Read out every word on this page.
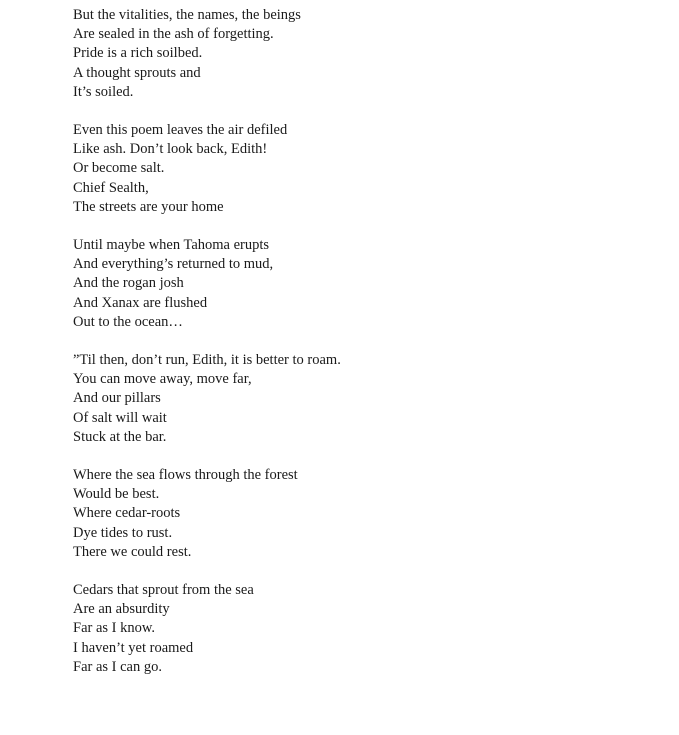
But the vitalities, the names, the beings

Are sealed in the ash of forgetting.

Pride is a rich soilbed.

A thought sprouts and

It’s soiled.

Even this poem leaves the air defiled

Like ash. Don’t look back, Edith!

Or become salt.

Chief Sealth,

The streets are your home

Until maybe when Tahoma erupts

And everything’s returned to mud,

And the rogan josh

And Xanax are flushed

Out to the ocean…

”Til then, don’t run, Edith, it is better to roam.

You can move away, move far,

And our pillars

Of salt will wait

Stuck at the bar.

Where the sea flows through the forest

Would be best.

Where cedar-roots

Dye tides to rust.

There we could rest.

Cedars that sprout from the sea

Are an absurdity

Far as I know.

I haven’t yet roamed

Far as I can go.
